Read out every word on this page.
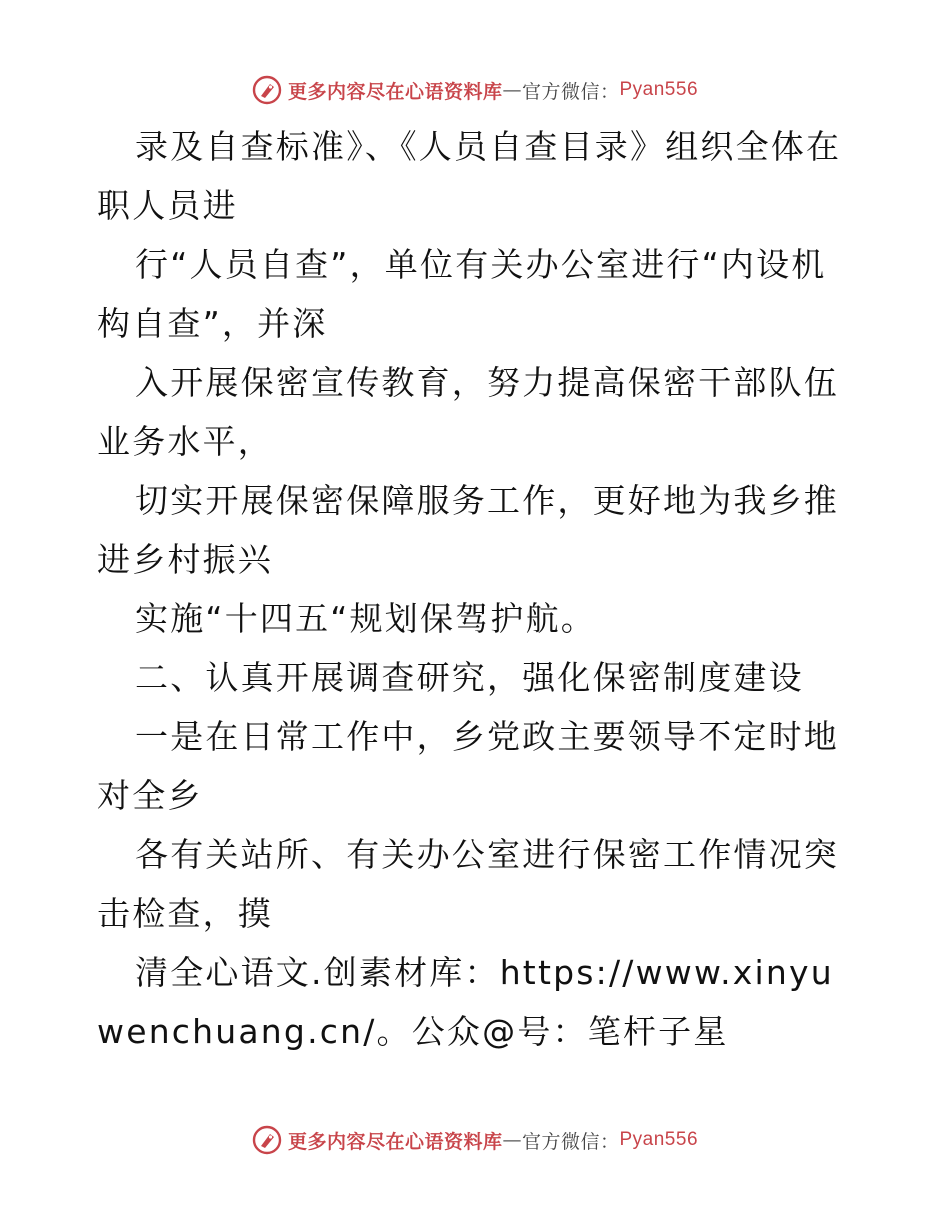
更多内容尽在心语资料库 — 官方微信： Pyan556

录及自查标准》、《人员自查目录》组织全体在职人员进

行“人员自查”，单位有关办公室进行“内设机构自查”，并深

入开展保密宣传教育，努力提高保密干部队伍业务水平，

切实开展保密保障服务工作，更好地为我乡推进乡村振兴

实施“十四五“规划保驾护航。

二、认真开展调查研究，强化保密制度建设

一是在日常工作中，乡党政主要领导不定时地对全乡

各有关站所、有关办公室进行保密工作情况突击检查，摸

清全心语文.创素材库：https://www.xinyuwenchuang.cn/。公众@号：笔杆子星

更多内容尽在心语资料库 — 官方微信： Pyan556
